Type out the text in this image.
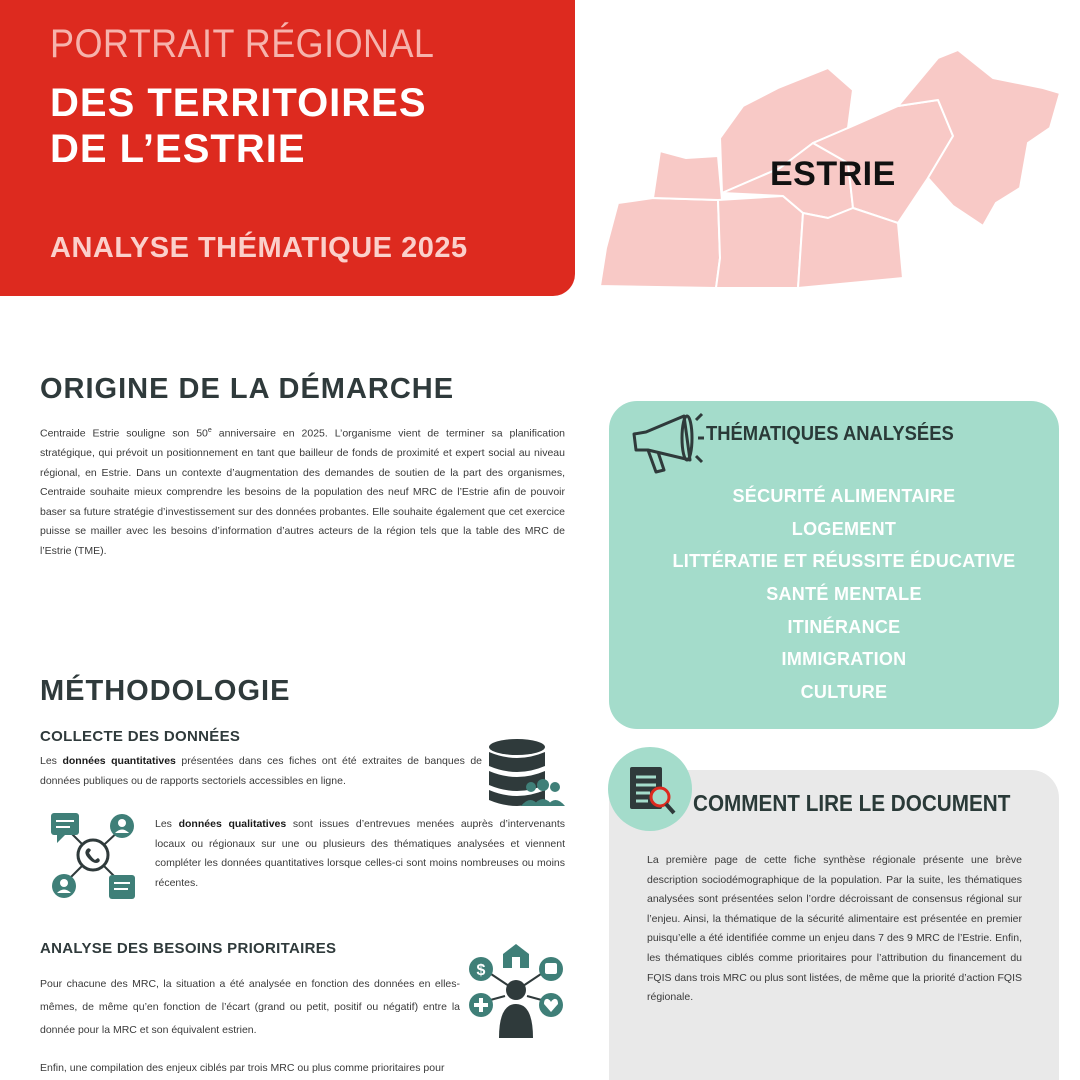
PORTRAIT RÉGIONAL
DES TERRITOIRES
DE L’ESTRIE
ANALYSE THÉMATIQUE 2025
ESTRIE
ORIGINE DE LA DÉMARCHE

Centraide Estrie souligne son 50e anniversaire en 2025. L’organisme vient de terminer sa planification stratégique, qui prévoit un positionnement en tant que bailleur de fonds de proximité et expert social au niveau régional, en Estrie. Dans un contexte d’augmentation des demandes de soutien de la part des organismes, Centraide souhaite mieux comprendre les besoins de la population des neuf MRC de l’Estrie afin de pouvoir baser sa future stratégie d’investissement sur des données probantes. Elle souhaite également que cet exercice puisse se mailler avec les besoins d’information d’autres acteurs de la région tels que la table des MRC de l’Estrie (TME).

MÉTHODOLOGIE
COLLECTE DES DONNÉES

Les données quantitatives présentées dans ces fiches ont été extraites de banques de données publiques ou de rapports sectoriels accessibles en ligne.

Les données qualitatives sont issues d’entrevues menées auprès d’intervenants locaux ou régionaux sur une ou plusieurs des thématiques analysées et viennent compléter les données quantitatives lorsque celles-ci sont moins nombreuses ou moins récentes.

ANALYSE DES BESOINS PRIORITAIRES

Pour chacune des MRC, la situation a été analysée en fonction des données en elles-mêmes, de même qu’en fonction de l’écart (grand ou petit, positif ou négatif) entre la donnée pour la MRC et son équivalent estrien.

Enfin, une compilation des enjeux ciblés par trois MRC ou plus comme prioritaires pour

$
THÉMATIQUES ANALYSÉES
SÉCURITÉ ALIMENTAIRE
LOGEMENT
LITTÉRATIE ET RÉUSSITE ÉDUCATIVE
SANTÉ MENTALE
ITINÉRANCE
IMMIGRATION
CULTURE
COMMENT LIRE LE DOCUMENT

La première page de cette fiche synthèse régionale présente une brève description sociodémographique de la population. Par la suite, les thématiques analysées sont présentées selon l’ordre décroissant de consensus régional sur l’enjeu. Ainsi, la thématique de la sécurité alimentaire est présentée en premier puisqu’elle a été identifiée comme un enjeu dans 7 des 9 MRC de l’Estrie. Enfin, les thématiques ciblés comme prioritaires pour l’attribution du financement du FQIS dans trois MRC ou plus sont listées, de même que la priorité d’action FQIS régionale.
